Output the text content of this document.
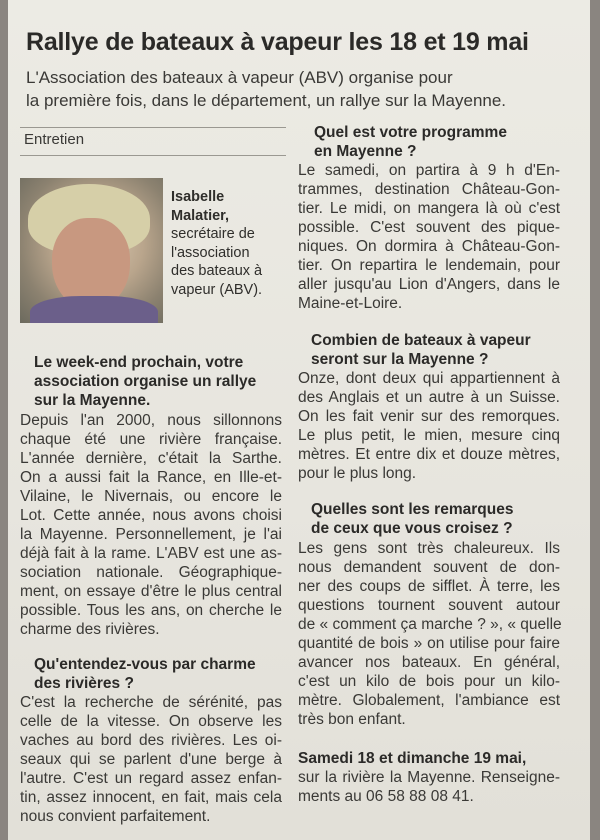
Rallye de bateaux à vapeur les 18 et 19 mai
L'Association des bateaux à vapeur (ABV) organise pour
la première fois, dans le département, un rallye sur la Mayenne.
Entretien
Isabelle
Malatier,
secrétaire de
l'association
des bateaux à
vapeur (ABV).
Le week-end prochain, votre
association organise un rallye
sur la Mayenne.
Depuis l'an 2000, nous sillonnons
chaque été une rivière française.
L'année dernière, c'était la Sarthe.
On a aussi fait la Rance, en Ille-et-
Vilaine, le Nivernais, ou encore le
Lot. Cette année, nous avons choisi
la Mayenne. Personnellement, je l'ai
déjà fait à la rame. L'ABV est une as-
sociation nationale. Géographique-
ment, on essaye d'être le plus central
possible. Tous les ans, on cherche le
charme des rivières.
Qu'entendez-vous par charme
des rivières ?
C'est la recherche de sérénité, pas
celle de la vitesse. On observe les
vaches au bord des rivières. Les oi-
seaux qui se parlent d'une berge à
l'autre. C'est un regard assez enfan-
tin, assez innocent, en fait, mais cela
nous convient parfaitement.
Quel est votre programme
en Mayenne ?
Le samedi, on partira à 9 h d'En-
trammes, destination Château-Gon-
tier. Le midi, on mangera là où c'est
possible. C'est souvent des pique-
niques. On dormira à Château-Gon-
tier. On repartira le lendemain, pour
aller jusqu'au Lion d'Angers, dans le
Maine-et-Loire.
Combien de bateaux à vapeur
seront sur la Mayenne ?
Onze, dont deux qui appartiennent à
des Anglais et un autre à un Suisse.
On les fait venir sur des remorques.
Le plus petit, le mien, mesure cinq
mètres. Et entre dix et douze mètres,
pour le plus long.
Quelles sont les remarques
de ceux que vous croisez ?
Les gens sont très chaleureux. Ils
nous demandent souvent de don-
ner des coups de sifflet. À terre, les
questions tournent souvent autour
de « comment ça marche ? », « quelle
quantité de bois » on utilise pour faire
avancer nos bateaux. En général,
c'est un kilo de bois pour un kilo-
mètre. Globalement, l'ambiance est
très bon enfant.
Samedi 18 et dimanche 19 mai,
sur la rivière la Mayenne. Renseigne-
ments au 06 58 88 08 41.
